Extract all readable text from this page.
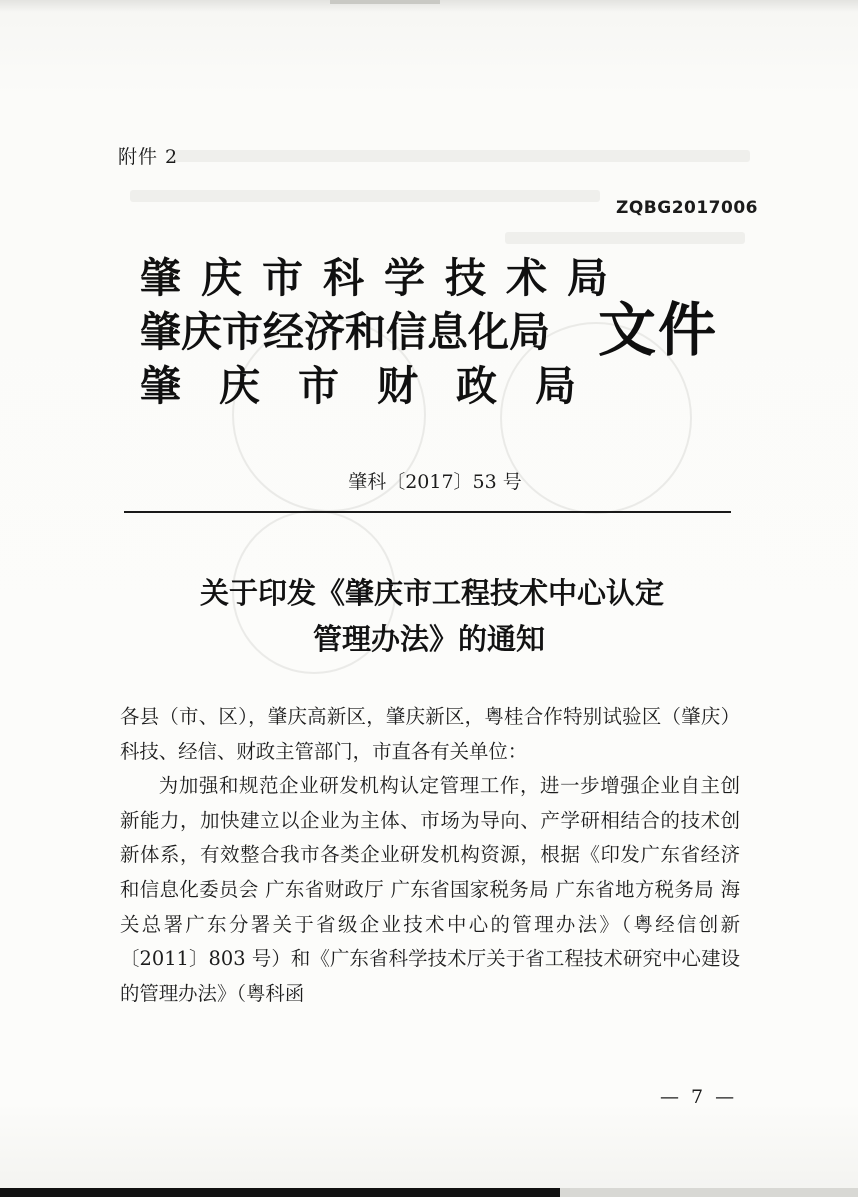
附件 2
ZQBG2017006
肇庆市科学技术局
肇庆市经济和信息化局
肇庆市财政局
文件
肇科〔2017〕53 号
关于印发《肇庆市工程技术中心认定
管理办法》的通知

各县（市、区），肇庆高新区，肇庆新区，粤桂合作特别试验区（肇庆）科技、经信、财政主管部门，市直各有关单位：

为加强和规范企业研发机构认定管理工作，进一步增强企业自主创新能力，加快建立以企业为主体、市场为导向、产学研相结合的技术创新体系，有效整合我市各类企业研发机构资源，根据《印发广东省经济和信息化委员会 广东省财政厅 广东省国家税务局 广东省地方税务局 海关总署广东分署关于省级企业技术中心的管理办法》（粤经信创新〔2011〕803 号）和《广东省科学技术厅关于省工程技术研究中心建设的管理办法》（粤科函

— 7 —
